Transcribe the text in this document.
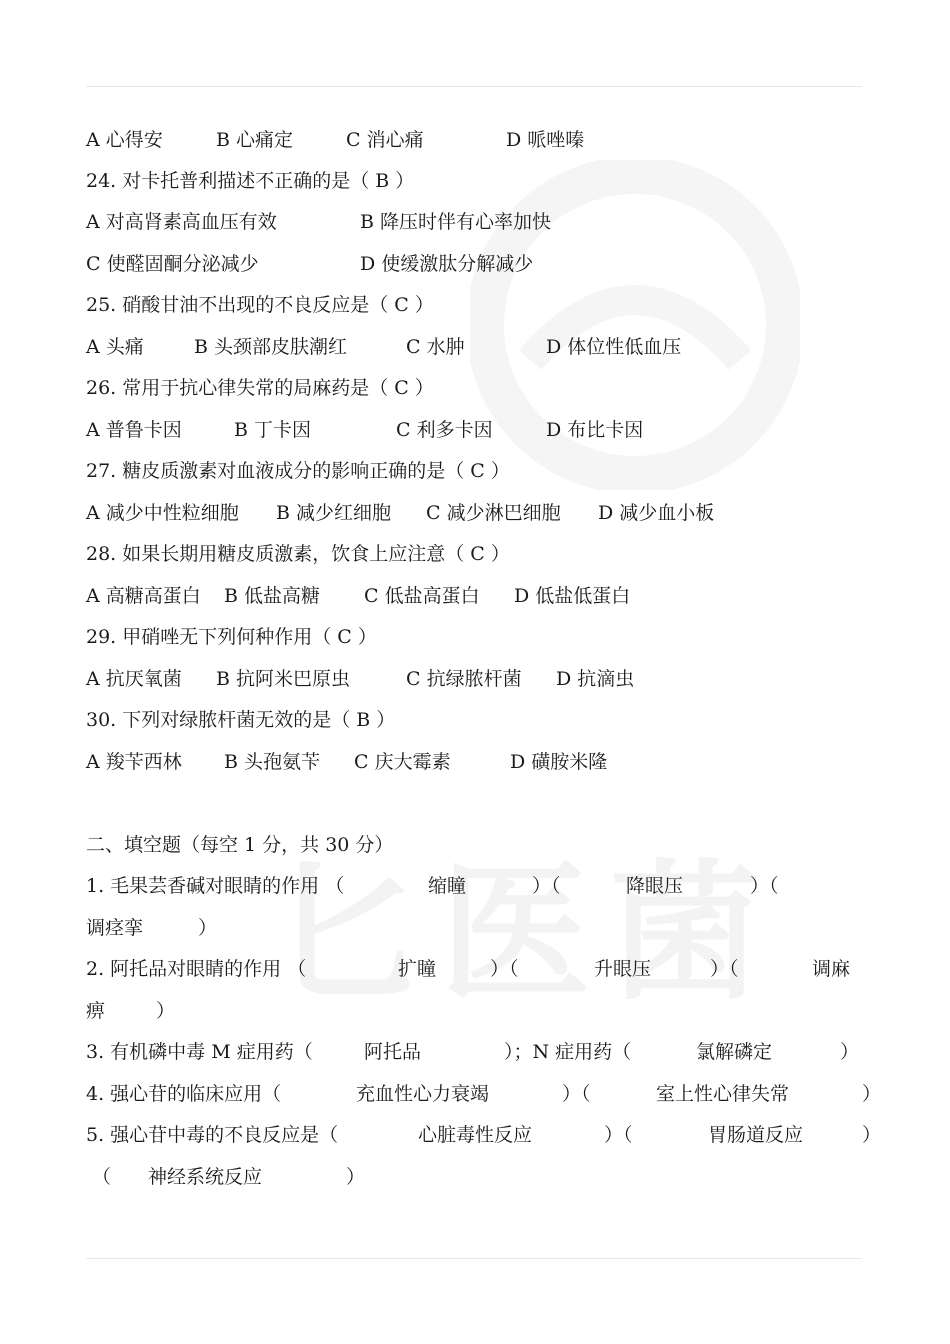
A 心得安	B 心痛定	C 消心痛	D 哌唑嗪
24. 对卡托普利描述不正确的是（ B ）
A 对高肾素高血压有效	B 降压时伴有心率加快
C 使醛固酮分泌减少	D 使缓激肽分解减少
25. 硝酸甘油不出现的不良反应是（ C ）
A 头痛	B 头颈部皮肤潮红	C 水肿	D 体位性低血压
26. 常用于抗心律失常的局麻药是（ C ）
A 普鲁卡因	B 丁卡因	C 利多卡因	D 布比卡因
27. 糖皮质激素对血液成分的影响正确的是（ C ）
A 减少中性粒细胞 B 减少红细胞 C 减少淋巴细胞 D 减少血小板
28. 如果长期用糖皮质激素，饮食上应注意（ C ）
A 高糖高蛋白 B 低盐高糖 C 低盐高蛋白 D 低盐低蛋白
29. 甲硝唑无下列何种作用（ C ）
A 抗厌氧菌 B 抗阿米巴原虫	C 抗绿脓杆菌 D 抗滴虫
30. 下列对绿脓杆菌无效的是（ B ）
A 羧苄西林 B 头孢氨苄 C 庆大霉素	D 磺胺米隆
二、填空题（每空 1 分，共 30 分）
1. 毛果芸香碱对眼睛的作用 （	缩瞳	）（	降眼压	）（
调痉挛	）
2. 阿托品对眼睛的作用 （	扩瞳	）（	升眼压	）（	调麻
痹	）
3. 有机磷中毒 M 症用药（	阿托品	）；N 症用药（	氯解磷定	）
4. 强心苷的临床应用（	充血性心力衰竭	）（	室上性心律失常	）
5. 强心苷中毒的不良反应是（	心脏毒性反应	）（	胃肠道反应	）
（ 神经系统反应	）
